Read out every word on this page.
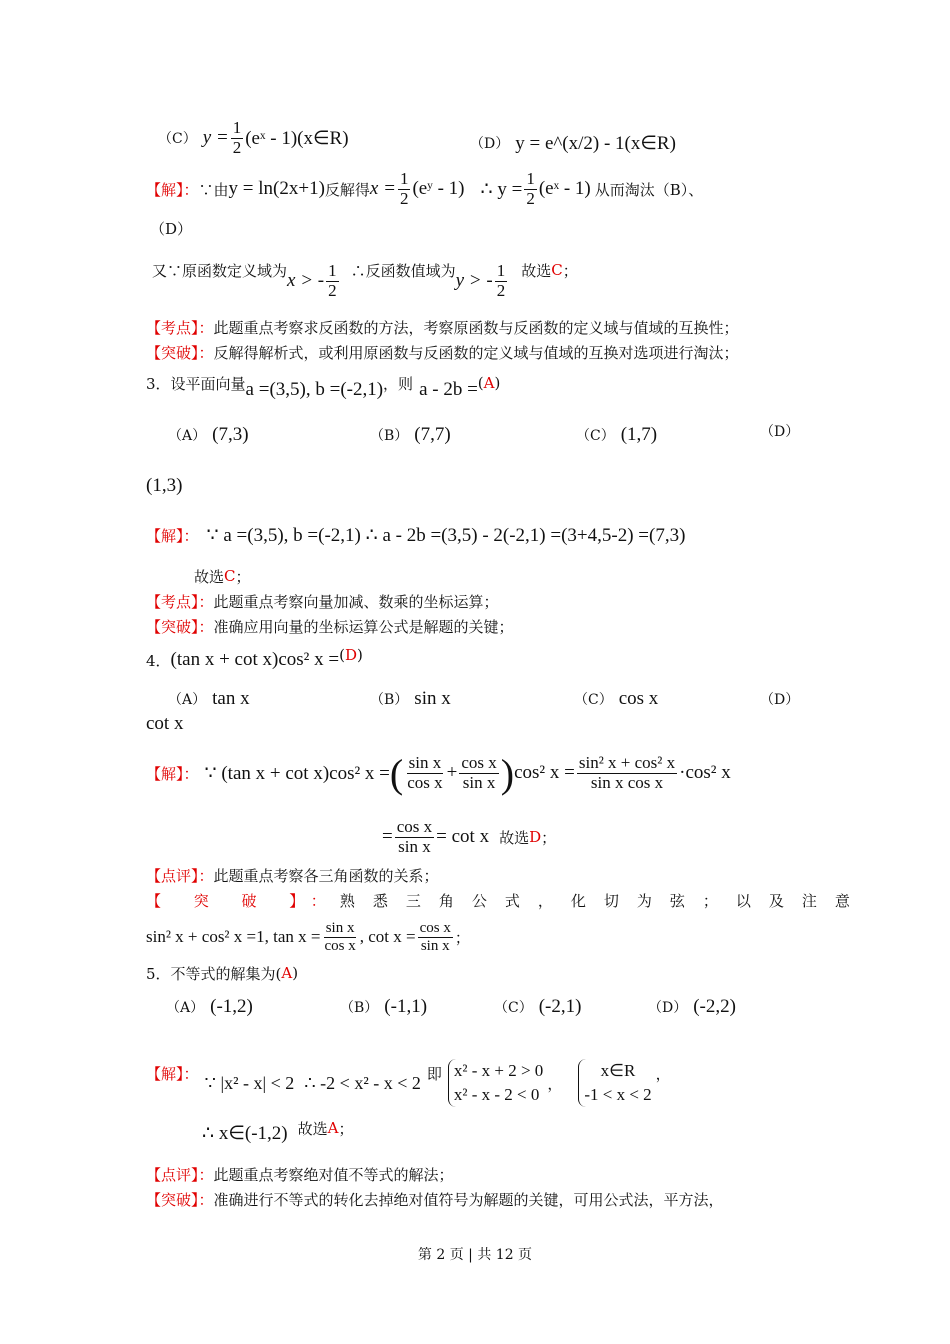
（C） $y = \frac{1}{2}$ (eˣ - 1)(x∈R)	（D） y = e^(x/2) - 1(x∈R)
【解】： ∵由 y = ln(2x+1) 反解得 $x = \frac{1}{2}$ (eʸ - 1) ∴ $y = \frac{1}{2}$ (eˣ - 1) 从而淘汰（B）、
（D）
又∵原函数定义域为 x > - $\frac{1}{2}$ ∴反函数值域为 y > - $\frac{1}{2}$ 故选 C ；
【考点】： 此题重点考察求反函数的方法，考察原函数与反函数的定义域与值域的互换性；
【突破】： 反解得解析式，或利用原函数与反函数的定义域与值域的互换对选项进行淘汰；
3．设平面向量 a =(3,5), b =(-2,1) ，则 a - 2b = ( A )
（A） (7,3)	（B） (7,7)	（C） (1,7)	（D）
(1,3)
【解】： ∵ a =(3,5), b =(-2,1) ∴ a - 2b =(3,5) - 2(-2,1) =(3+4,5-2) =(7,3)
故选 C ；
【考点】： 此题重点考察向量加减、数乘的坐标运算；
【突破】： 准确应用向量的坐标运算公式是解题的关键；
4． (tan x + cot x)cos² x = ( D )
（A） tan x	（B） sin x	（C） cos x	（D）
cot x
【解】： ∵ (tan x + cot x)cos² x = ( $\frac{\text{sin x}}{\text{cos x}} + \frac{\text{cos x}}{\text{sin x}}$ ) cos² $x = \frac{\text{sin² x + cos² x}}{\text{sin x cos x}} \cdot\cos^2$ x
= $\frac{\text{cos x}}{\text{sin x}} = \cot x$ 故选 D ；
【点评】： 此题重点考察各三角函数的关系；
【 突 破 】： 熟悉三角公式，化切为弦；以及注意
sin² x + cos² x =1, $\tan x = \frac{\text{sin x}}{\text{cos x}}$ , $\cot x = \frac{\text{cos x}}{\text{sin x}}$ ；
5．不等式的解集为( A )
（A） (-1,2)	（B） (-1,1)	（C） (-2,1)	（D） (-2,2)
【解】： ∵ |x² - x| < 2 ∴ -2 < x² - x < 2 即 x² - x + 2 > 0
x² - x - 2 < 0
，
x∈R
-1 < x < 2
，
∴ x∈(-1,2) 故选 A ；
【点评】： 此题重点考察绝对值不等式的解法；
【突破】： 准确进行不等式的转化去掉绝对值符号为解题的关键，可用公式法，平方法，
第 2 页 | 共 12 页
